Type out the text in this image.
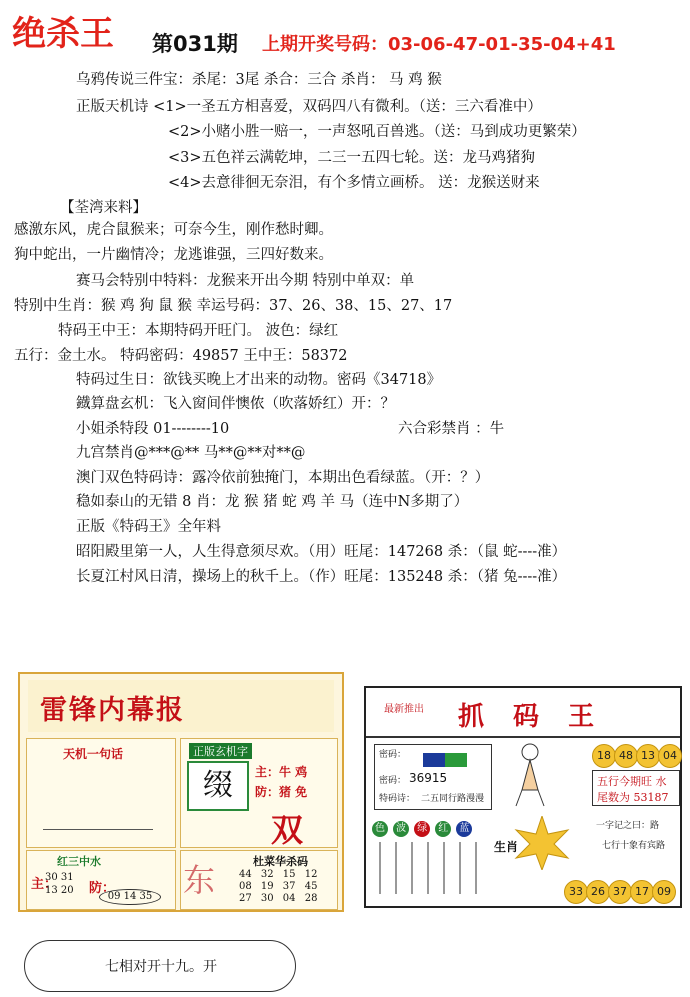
绝杀王 第031期 上期开奖号码：03-06-47-01-35-04+41
乌鸦传说三件宝：杀尾：3尾 杀合：三合 杀肖： 马 鸡 猴
正版天机诗 <1>一圣五方相喜爱，双码四八有微利。（送：三六看准中）
<2>小赌小胜一赔一，一声怒吼百兽逃。（送：马到成功更繁荣）
<3>五色祥云满乾坤，二三一五四七轮。送：龙马鸡猪狗
<4>去意徘徊无奈泪，有个多情立画桥。 送：龙猴送财来
【荃湾来料】
感激东风，虎合鼠猴来；可奈今生，刚作愁时卿。
狗中蛇出，一片幽情冷；龙逃谁强，三四好数来。
赛马会特别中特料：龙猴来开出今期 特别中单双：单
特别中生肖：猴 鸡 狗 鼠 猴 幸运号码：37、26、38、15、27、17
特码王中王：本期特码开旺门。 波色：绿红
五行：金土水。 特码密码：49857 王中王：58372
特码过生日：欲钱买晚上才出来的动物。密码《34718》
鐡算盘玄机：飞入窗间伴懊侬（吹落娇红）开：？
小姐杀特段 01--------10	六合彩禁肖 ：牛
九宫禁肖@***@** 马**@**对**@
澳门双色特码诗：露冷依前独掩门，本期出色看绿蓝。（开：？）
稳如泰山的无错 8 肖：龙 猴 猪 蛇 鸡 羊 马（连中N多期了）
正版《特码王》全年料
昭阳殿里第一人，人生得意须尽欢。（用）旺尾：147268 杀：（鼠 蛇----准）
长夏江村风日清，操场上的秋千上。（作）旺尾：135248 杀：（猪 兔----准）
雷锋内幕报
天机一句话	正版玄机字
缀	主：牛 鸡
防：猪 免
双
红三中水
主：
30 31
13 20 防：
09 14 35 东	杜菜华杀码
44 32 15 12
08 19 37 45
27 30 04 28
最新推出 抓 码 王
18 48 13 04
密码：
密码： 36915
特码诗： 二五同行路漫漫
五行今期旺 水
尾数为 53187
色 波 绿 红 蓝
生肖
一字记之曰：路
七行十象有宾路
33 26 37 17 09
七相对开十九。开
